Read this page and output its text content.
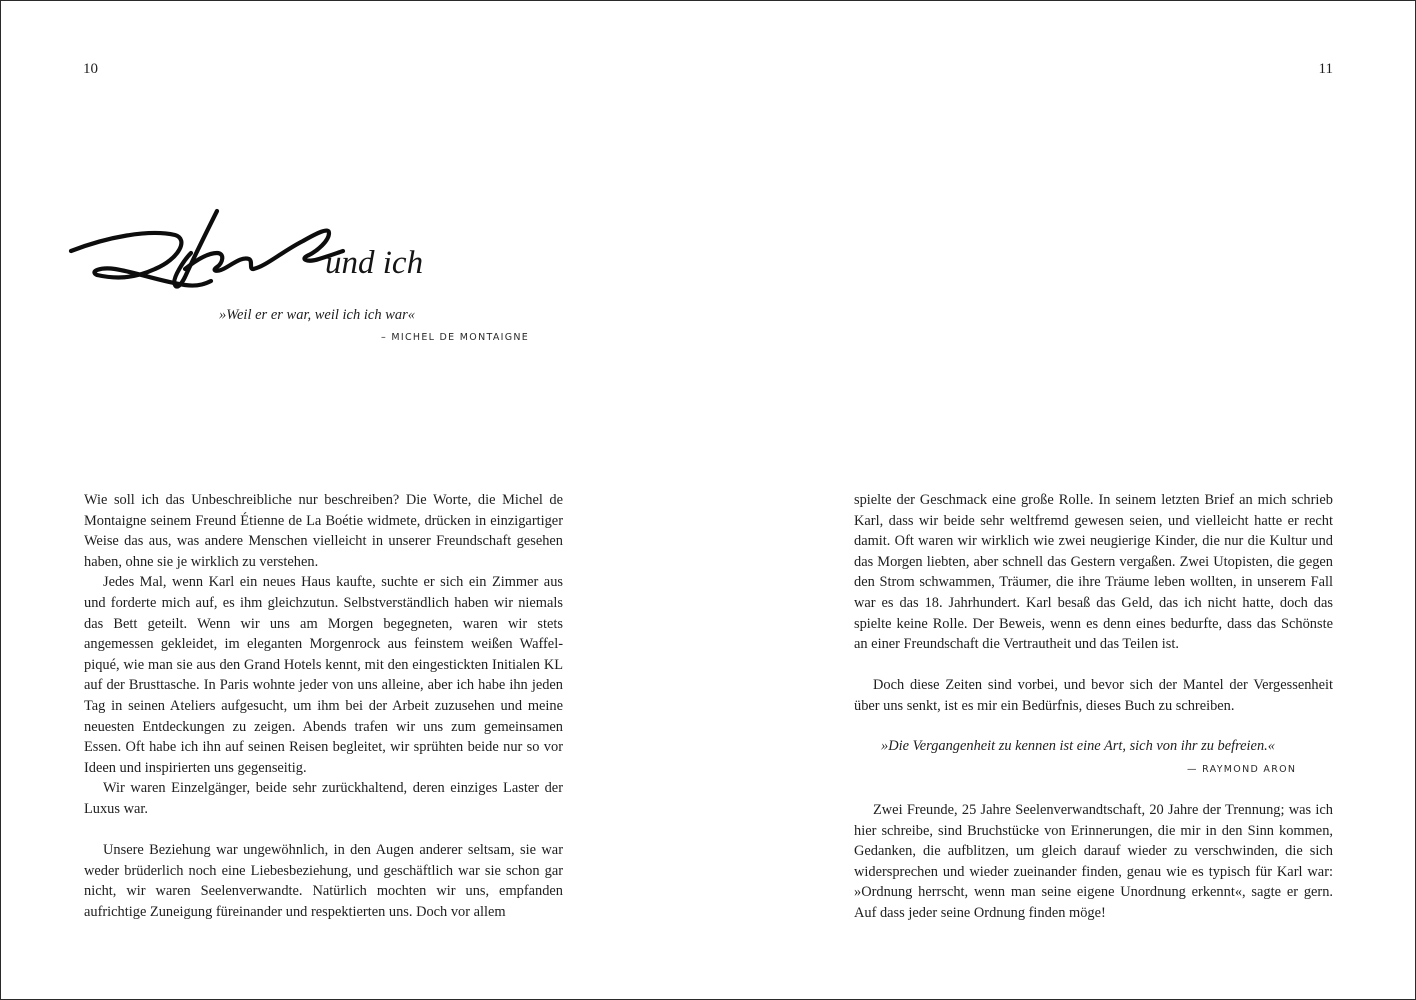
10	11
und ich
»Weil er er war, weil ich ich war«
– MICHEL DE MONTAIGNE

Wie soll ich das Unbeschreibliche nur beschreiben? Die Worte, die Michel de Montaigne seinem Freund Étienne de La Boétie widmete, drücken in einzigartiger Weise das aus, was andere Menschen vielleicht in unserer Freundschaft gesehen haben, ohne sie je wirklich zu verstehen.

Jedes Mal, wenn Karl ein neues Haus kaufte, suchte er sich ein Zimmer aus und forderte mich auf, es ihm gleichzutun. Selbstverständlich haben wir niemals das Bett geteilt. Wenn wir uns am Morgen begegneten, waren wir stets angemessen gekleidet, im eleganten Morgenrock aus feinstem weißen Waffelpiqué, wie man sie aus den Grand Hotels kennt, mit den eingestickten Initialen KL auf der Brusttasche. In Paris wohnte jeder von uns alleine, aber ich habe ihn jeden Tag in seinen Ateliers aufgesucht, um ihm bei der Arbeit zuzusehen und meine neuesten Entdeckungen zu zeigen. Abends trafen wir uns zum gemeinsamen Essen. Oft habe ich ihn auf seinen Reisen begleitet, wir sprühten beide nur so vor Ideen und inspirierten uns gegenseitig.

Wir waren Einzelgänger, beide sehr zurückhaltend, deren einziges Laster der Luxus war.

Unsere Beziehung war ungewöhnlich, in den Augen anderer seltsam, sie war weder brüderlich noch eine Liebesbeziehung, und geschäftlich war sie schon gar nicht, wir waren Seelenverwandte. Natürlich mochten wir uns, empfanden aufrichtige Zuneigung füreinander und respektierten uns. Doch vor allem

spielte der Geschmack eine große Rolle. In seinem letzten Brief an mich schrieb Karl, dass wir beide sehr weltfremd gewesen seien, und vielleicht hatte er recht damit. Oft waren wir wirklich wie zwei neugierige Kinder, die nur die Kultur und das Morgen liebten, aber schnell das Gestern vergaßen. Zwei Utopisten, die gegen den Strom schwammen, Träumer, die ihre Träume leben wollten, in unserem Fall war es das 18. Jahrhundert. Karl besaß das Geld, das ich nicht hatte, doch das spielte keine Rolle. Der Beweis, wenn es denn eines bedurfte, dass das Schönste an einer Freundschaft die Vertrautheit und das Teilen ist.

Doch diese Zeiten sind vorbei, und bevor sich der Mantel der Vergessenheit über uns senkt, ist es mir ein Bedürfnis, dieses Buch zu schreiben.

»Die Vergangenheit zu kennen ist eine Art, sich von ihr zu befreien.«
— RAYMOND ARON

Zwei Freunde, 25 Jahre Seelenverwandtschaft, 20 Jahre der Trennung; was ich hier schreibe, sind Bruchstücke von Erinnerungen, die mir in den Sinn kommen, Gedanken, die aufblitzen, um gleich darauf wieder zu verschwinden, die sich widersprechen und wieder zueinander finden, genau wie es typisch für Karl war: »Ordnung herrscht, wenn man seine eigene Unordnung erkennt«, sagte er gern. Auf dass jeder seine Ordnung finden möge!
